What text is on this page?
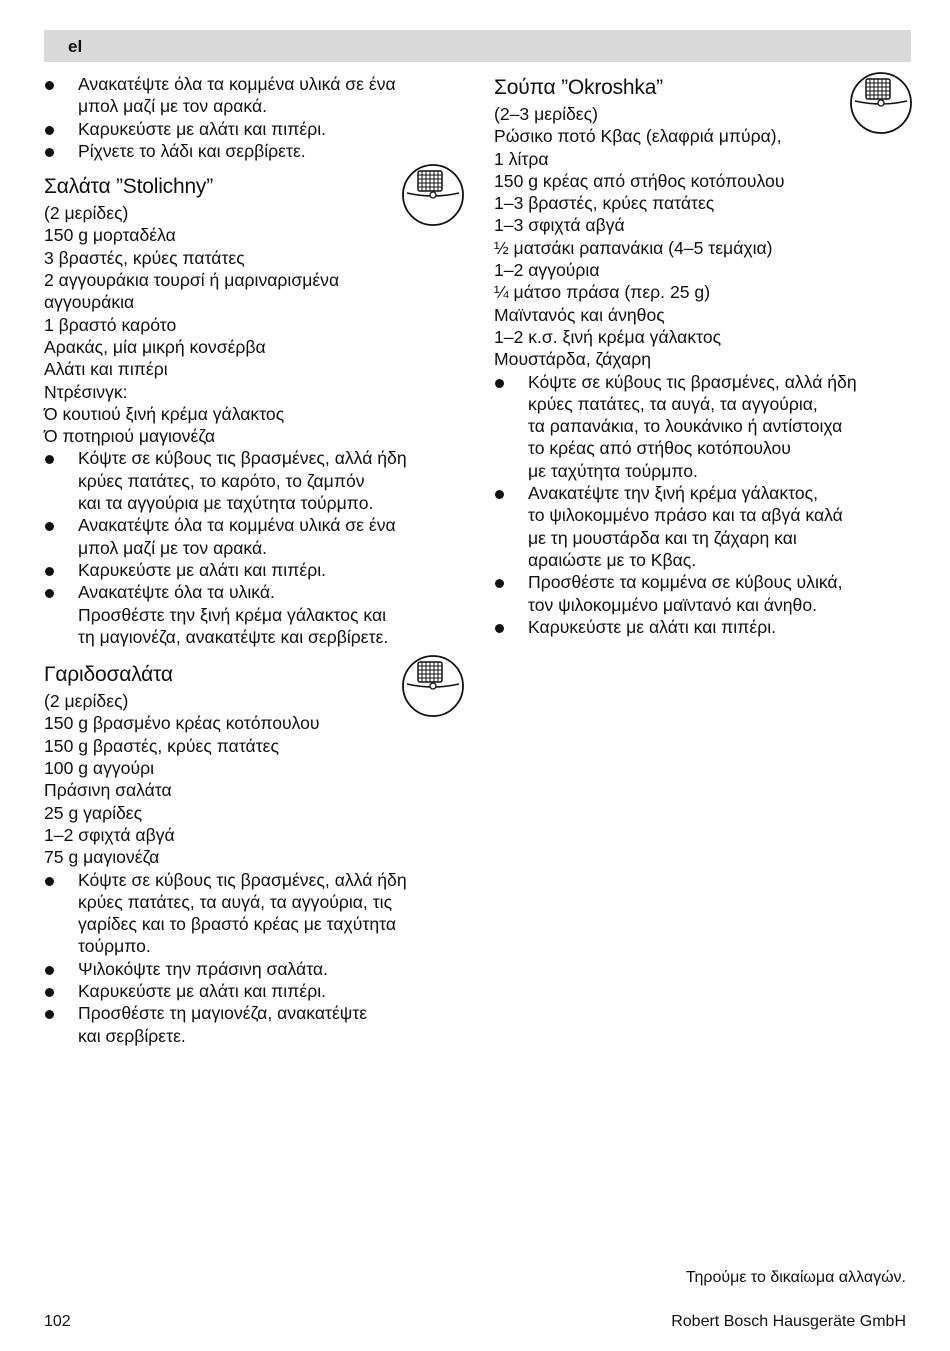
el
Ανακατέψτε όλα τα κομμένα υλικά σε ένα
μπολ μαζί με τον αρακά.
Καρυκεύστε με αλάτι και πιπέρι.
Ρίχνετε το λάδι και σερβίρετε.
Σαλάτα ”Stolichny”
(2 μερίδες)
150 g μορταδέλα
3 βραστές, κρύες πατάτες
2 αγγουράκια τουρσί ή μαριναρισμένα
αγγουράκια
1 βραστό καρότο
Αρακάς, μία μικρή κονσέρβα
Αλάτι και πιπέρι
Ντρέσινγκ:
Ό κουτιού ξινή κρέμα γάλακτος
Ό ποτηριού μαγιονέζα
Κόψτε σε κύβους τις βρασμένες, αλλά ήδη
κρύες πατάτες, το καρότο, το ζαμπόν
και τα αγγούρια με ταχύτητα τούρμπο.
Ανακατέψτε όλα τα κομμένα υλικά σε ένα
μπολ μαζί με τον αρακά.
Καρυκεύστε με αλάτι και πιπέρι.
Ανακατέψτε όλα τα υλικά.
Προσθέστε την ξινή κρέμα γάλακτος και
τη μαγιονέζα, ανακατέψτε και σερβίρετε.
Γαριδοσαλάτα
(2 μερίδες)
150 g βρασμένο κρέας κοτόπουλου
150 g βραστές, κρύες πατάτες
100 g αγγούρι
Πράσινη σαλάτα
25 g γαρίδες
1–2 σφιχτά αβγά
75 g μαγιονέζα
Κόψτε σε κύβους τις βρασμένες, αλλά ήδη
κρύες πατάτες, τα αυγά, τα αγγούρια, τις
γαρίδες και το βραστό κρέας με ταχύτητα
τούρμπο.
Ψιλοκόψτε την πράσινη σαλάτα.
Καρυκεύστε με αλάτι και πιπέρι.
Προσθέστε τη μαγιονέζα, ανακατέψτε
και σερβίρετε.
Σούπα ”Okroshka”
(2–3 μερίδες)
Ρώσικο ποτό Κβας (ελαφριά μπύρα),
1 λίτρα
150 g κρέας από στήθος κοτόπουλου
1–3 βραστές, κρύες πατάτες
1–3 σφιχτά αβγά
½ ματσάκι ραπανάκια (4–5 τεμάχια)
1–2 αγγούρια
¼ μάτσο πράσα (περ. 25 g)
Μαϊντανός και άνηθος
1–2 κ.σ. ξινή κρέμα γάλακτος
Μουστάρδα, ζάχαρη
Κόψτε σε κύβους τις βρασμένες, αλλά ήδη
κρύες πατάτες, τα αυγά, τα αγγούρια,
τα ραπανάκια, το λουκάνικο ή αντίστοιχα
το κρέας από στήθος κοτόπουλου
με ταχύτητα τούρμπο.
Ανακατέψτε την ξινή κρέμα γάλακτος,
το ψιλοκομμένο πράσο και τα αβγά καλά
με τη μουστάρδα και τη ζάχαρη και
αραιώστε με το Κβας.
Προσθέστε τα κομμένα σε κύβους υλικά,
τον ψιλοκομμένο μαϊντανό και άνηθο.
Καρυκεύστε με αλάτι και πιπέρι.
Τηρούμε το δικαίωμα αλλαγών.
102	Robert Bosch Hausgeräte GmbH
